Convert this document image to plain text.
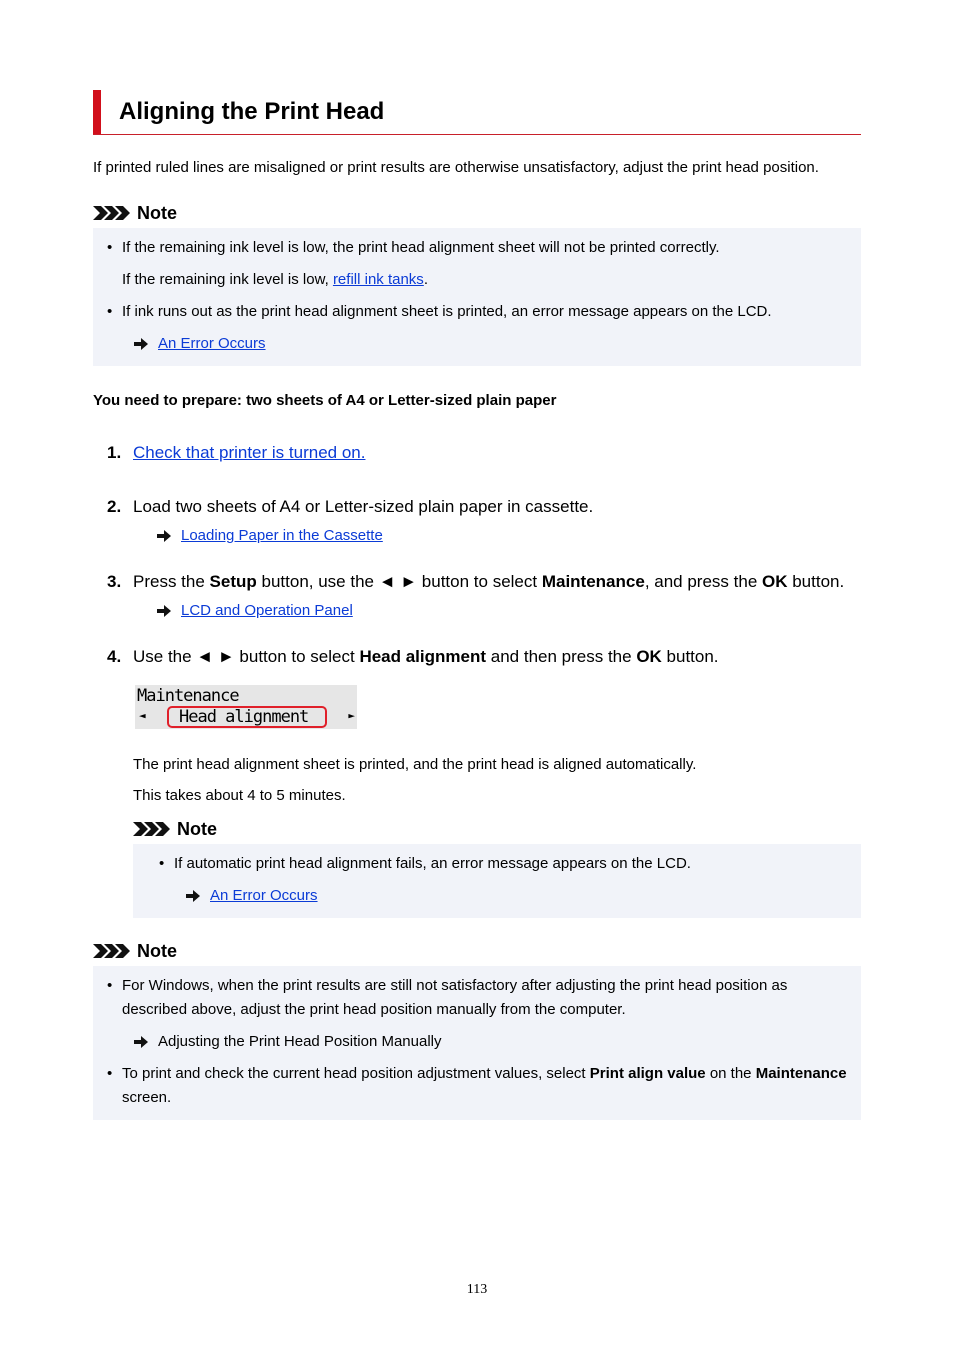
Aligning the Print Head

If printed ruled lines are misaligned or print results are otherwise unsatisfactory, adjust the print head position.

Note
• If the remaining ink level is low, the print head alignment sheet will not be printed correctly.
If the remaining ink level is low, refill ink tanks.
• If ink runs out as the print head alignment sheet is printed, an error message appears on the LCD.
An Error Occurs
You need to prepare: two sheets of A4 or Letter-sized plain paper
1. Check that printer is turned on.
2. Load two sheets of A4 or Letter-sized plain paper in cassette.
Loading Paper in the Cassette
3. Press the Setup button, use the ◄ ► button to select Maintenance, and press the OK button.
LCD and Operation Panel
4. Use the ◄ ► button to select Head alignment and then press the OK button.
Maintenance
◄	Head alignment	►
The print head alignment sheet is printed, and the print head is aligned automatically.
This takes about 4 to 5 minutes.
Note
• If automatic print head alignment fails, an error message appears on the LCD.
An Error Occurs
Note
• For Windows, when the print results are still not satisfactory after adjusting the print head position as described above, adjust the print head position manually from the computer.
Adjusting the Print Head Position Manually
• To print and check the current head position adjustment values, select Print align value on the Maintenance screen.
113
